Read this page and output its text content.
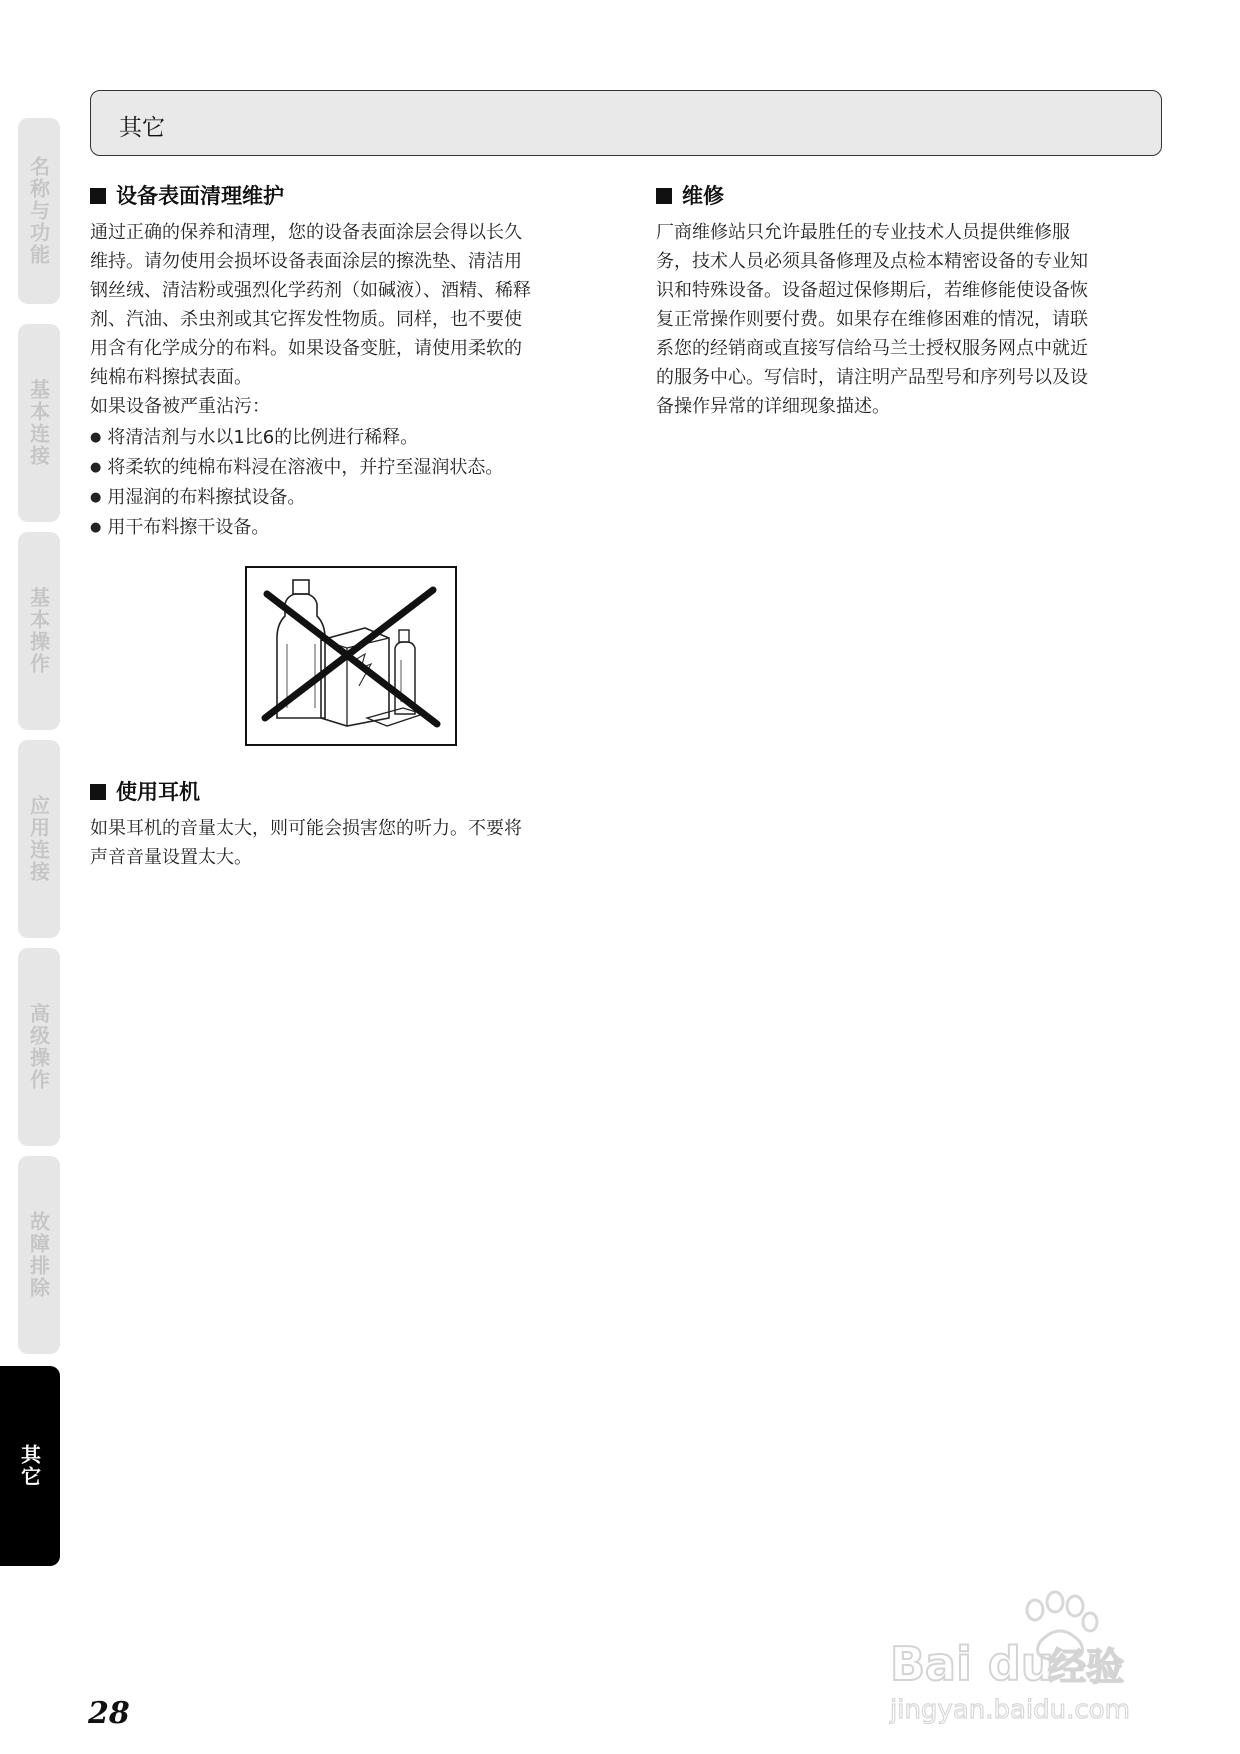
名称与功能
基本连接
基本操作
应用连接
高级操作
故障排除
其它
其它
设备表面清理维护
通过正确的保养和清理，您的设备表面涂层会得以长久
维持。请勿使用会损坏设备表面涂层的擦洗垫、清洁用
钢丝绒、清洁粉或强烈化学药剂（如碱液）、酒精、稀释
剂、汽油、杀虫剂或其它挥发性物质。同样，也不要使
用含有化学成分的布料。如果设备变脏，请使用柔软的
纯棉布料擦拭表面。
如果设备被严重沾污：
● 将清洁剂与水以1比6的比例进行稀释。
● 将柔软的纯棉布料浸在溶液中，并拧至湿润状态。
● 用湿润的布料擦拭设备。
● 用干布料擦干设备。
使用耳机
如果耳机的音量太大，则可能会损害您的听力。不要将
声音音量设置太大。
维修
厂商维修站只允许最胜任的专业技术人员提供维修服
务，技术人员必须具备修理及点检本精密设备的专业知
识和特殊设备。设备超过保修期后，若维修能使设备恢
复正常操作则要付费。如果存在维修困难的情况，请联
系您的经销商或直接写信给马兰士授权服务网点中就近
的服务中心。写信时，请注明产品型号和序列号以及设
备操作异常的详细现象描述。
28
Bai du
经验
jingyan.baidu.com
